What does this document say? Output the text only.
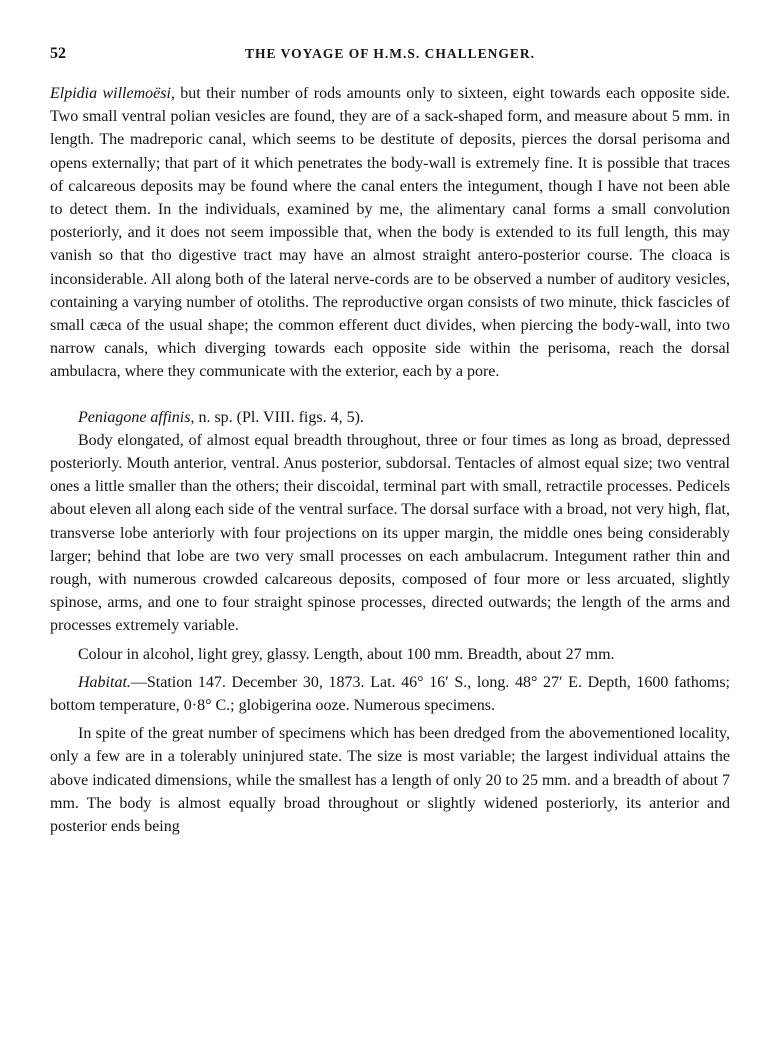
52	THE VOYAGE OF H.M.S. CHALLENGER.

Elpidia willemoësi, but their number of rods amounts only to sixteen, eight towards each opposite side. Two small ventral polian vesicles are found, they are of a sack-shaped form, and measure about 5 mm. in length. The madreporic canal, which seems to be destitute of deposits, pierces the dorsal perisoma and opens externally; that part of it which penetrates the body-wall is extremely fine. It is possible that traces of calcareous deposits may be found where the canal enters the integument, though I have not been able to detect them. In the individuals, examined by me, the alimentary canal forms a small convolution posteriorly, and it does not seem impossible that, when the body is extended to its full length, this may vanish so that tho digestive tract may have an almost straight antero-posterior course. The cloaca is inconsiderable. All along both of the lateral nerve-cords are to be observed a number of auditory vesicles, containing a varying number of otoliths. The reproductive organ consists of two minute, thick fascicles of small cæca of the usual shape; the common efferent duct divides, when piercing the body-wall, into two narrow canals, which diverging towards each opposite side within the perisoma, reach the dorsal ambulacra, where they communicate with the exterior, each by a pore.

Peniagone affinis, n. sp. (Pl. VIII. figs. 4, 5).

Body elongated, of almost equal breadth throughout, three or four times as long as broad, depressed posteriorly. Mouth anterior, ventral. Anus posterior, subdorsal. Tentacles of almost equal size; two ventral ones a little smaller than the others; their discoidal, terminal part with small, retractile processes. Pedicels about eleven all along each side of the ventral surface. The dorsal surface with a broad, not very high, flat, transverse lobe anteriorly with four projections on its upper margin, the middle ones being considerably larger; behind that lobe are two very small processes on each ambulacrum. Integument rather thin and rough, with numerous crowded calcareous deposits, composed of four more or less arcuated, slightly spinose, arms, and one to four straight spinose processes, directed outwards; the length of the arms and processes extremely variable.

Colour in alcohol, light grey, glassy. Length, about 100 mm. Breadth, about 27 mm.

Habitat.—Station 147. December 30, 1873. Lat. 46° 16′ S., long. 48° 27′ E. Depth, 1600 fathoms; bottom temperature, 0·8° C.; globigerina ooze. Numerous specimens.

In spite of the great number of specimens which has been dredged from the abovementioned locality, only a few are in a tolerably uninjured state. The size is most variable; the largest individual attains the above indicated dimensions, while the smallest has a length of only 20 to 25 mm. and a breadth of about 7 mm. The body is almost equally broad throughout or slightly widened posteriorly, its anterior and posterior ends being
